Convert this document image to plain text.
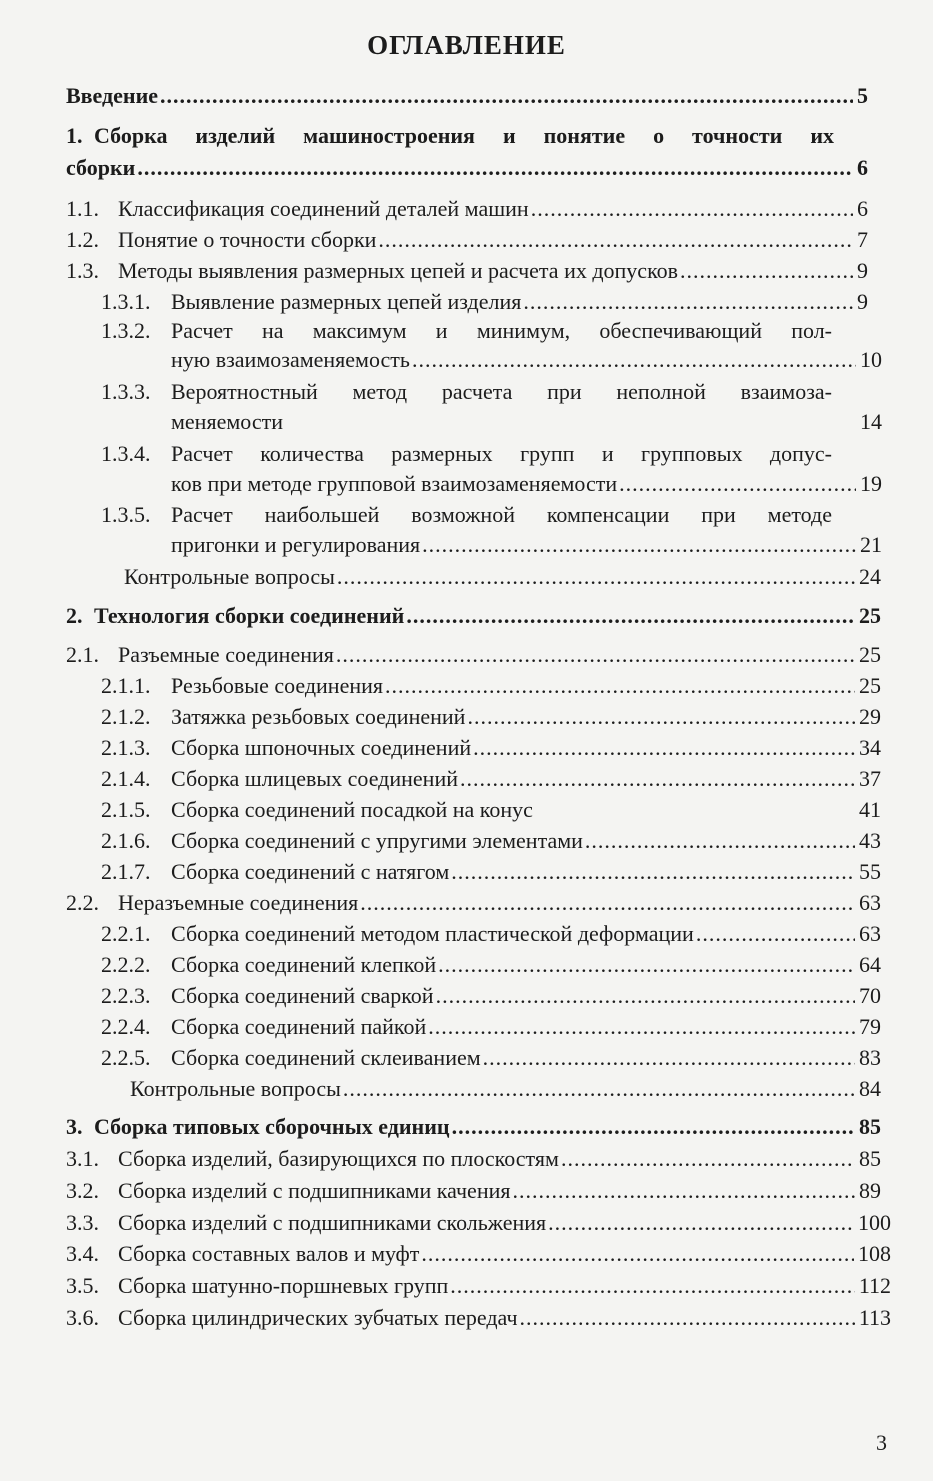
ОГЛАВЛЕНИЕ
Введение .....	5
1. Сборка изделий машиностроения и понятие о точности их
сборки .....	6
1.1. Классификация соединений деталей машин .....	6
1.2. Понятие о точности сборки .....	7
1.3. Методы выявления размерных цепей и расчета их допусков .....	9
1.3.1. Выявление размерных цепей изделия .....	9
1.3.2. Расчет на максимум и минимум, обеспечивающий пол-
ную взаимозаменяемость .....	10
1.3.3. Вероятностный метод расчета при неполной взаимоза-
меняемости	14
1.3.4. Расчет количества размерных групп и групповых допус-
ков при методе групповой взаимозаменяемости .....	19
1.3.5. Расчет наибольшей возможной компенсации при методе
пригонки и регулирования .....	21
Контрольные вопросы .....	24
2. Технология сборки соединений .....	25
2.1. Разъемные соединения .....	25
2.1.1. Резьбовые соединения .....	25
2.1.2. Затяжка резьбовых соединений .....	29
2.1.3. Сборка шпоночных соединений .....	34
2.1.4. Сборка шлицевых соединений .....	37
2.1.5. Сборка соединений посадкой на конус	41
2.1.6. Сборка соединений с упругими элементами .....	43
2.1.7. Сборка соединений с натягом .....	55
2.2. Неразъемные соединения .....	63
2.2.1. Сборка соединений методом пластической деформации .....	63
2.2.2. Сборка соединений клепкой .....	64
2.2.3. Сборка соединений сваркой .....	70
2.2.4. Сборка соединений пайкой .....	79
2.2.5. Сборка соединений склеиванием .....	83
Контрольные вопросы .....	84
3. Сборка типовых сборочных единиц .....	85
3.1. Сборка изделий, базирующихся по плоскостям .....	85
3.2. Сборка изделий с подшипниками качения .....	89
3.3. Сборка изделий с подшипниками скольжения .....	100
3.4. Сборка составных валов и муфт .....	108
3.5. Сборка шатунно-поршневых групп .....	112
3.6. Сборка цилиндрических зубчатых передач .....	113
3
